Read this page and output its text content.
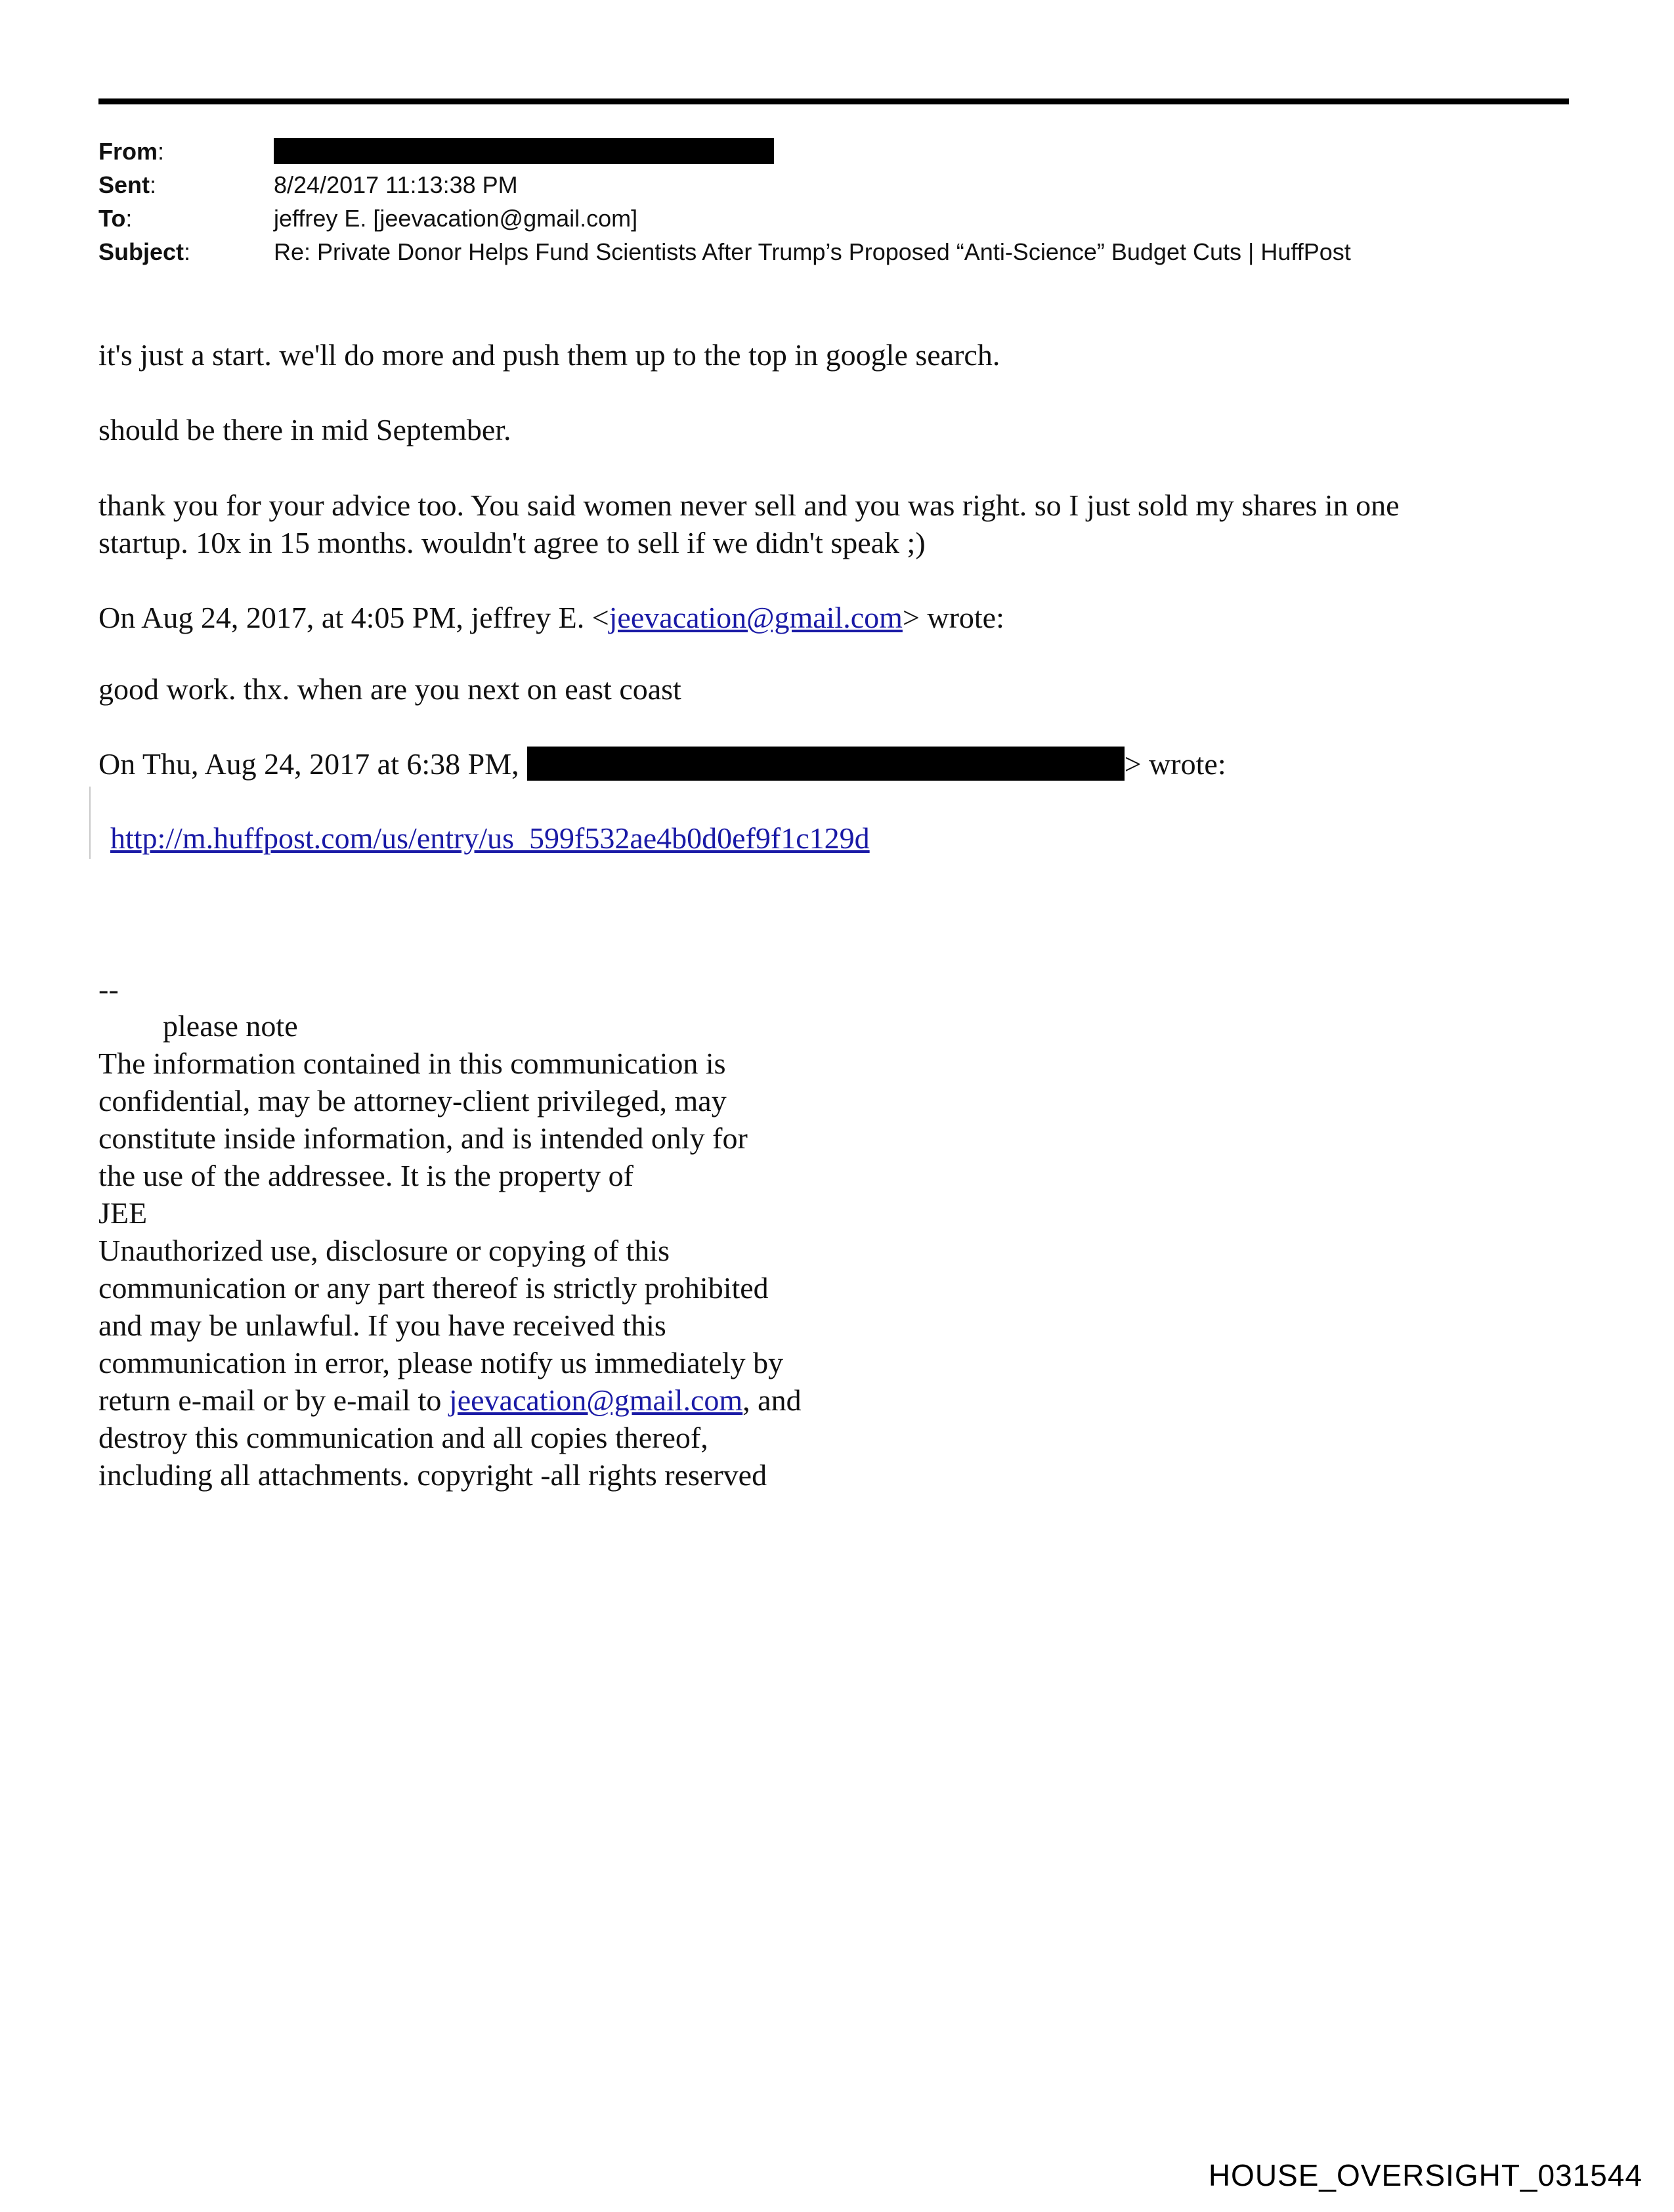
From:
Sent:	8/24/2017 11:13:38 PM
To:	jeffrey E. [jeevacation@gmail.com]
Subject:	Re: Private Donor Helps Fund Scientists After Trump’s Proposed “Anti-Science” Budget Cuts | HuffPost
it's just a start. we'll do more and push them up to the top in google search.
should be there in mid September.
thank you for your advice too. You said women never sell and you was right. so I just sold my shares in one
startup. 10x in 15 months. wouldn't agree to sell if we didn't speak ;)
On Aug 24, 2017, at 4:05 PM, jeffrey E. <jeevacation@gmail.com> wrote:
good work. thx. when are you next on east coast
On Thu, Aug 24, 2017 at 6:38 PM,	> wrote:
http://m.huffpost.com/us/entry/us_599f532ae4b0d0ef9f1c129d
--
please note
The information contained in this communication is
confidential, may be attorney-client privileged, may
constitute inside information, and is intended only for
the use of the addressee. It is the property of
JEE
Unauthorized use, disclosure or copying of this
communication or any part thereof is strictly prohibited
and may be unlawful. If you have received this
communication in error, please notify us immediately by
return e-mail or by e-mail to jeevacation@gmail.com, and
destroy this communication and all copies thereof,
including all attachments. copyright -all rights reserved
HOUSE_OVERSIGHT_031544
